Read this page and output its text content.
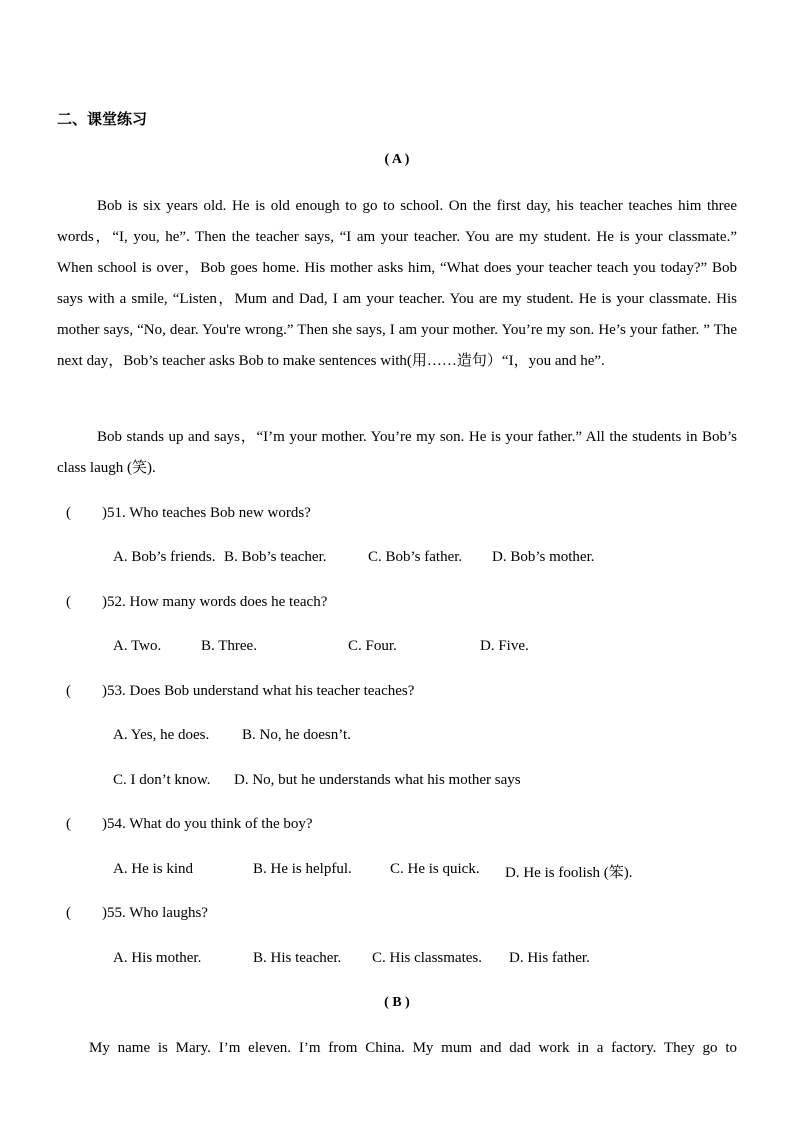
二、课堂练习
( A )

Bob is six years old. He is old enough to go to school. On the first day, his teacher teaches him three words，“I, you, he”. Then the teacher says, “I am your teacher. You are my student. He is your classmate.” When school is over，Bob goes home. His mother asks him, “What does your teacher teach you today?” Bob says with a smile, “Listen，Mum and Dad, I am your teacher. You are my student. He is your classmate. His mother says, “No, dear. You're wrong.” Then she says, I am your mother. You’re my son. He’s your father. ” The next day，Bob’s teacher asks Bob to make sentences with(用……造句）“I，you and he”.

Bob stands up and says，“I’m your mother. You’re my son. He is your father.” All the students in Bob’s class laugh (笑).

( )51. Who teaches Bob new words?
A. Bob’s friends. B. Bob’s teacher.	C. Bob’s father. D. Bob’s mother.
( )52. How many words does he teach?
A. Two.	B. Three.	C. Four.	D. Five.
( )53. Does Bob understand what his teacher teaches?
A. Yes, he does. B. No, he doesn’t.
C. I don’t know. D. No, but he understands what his mother says
( )54. What do you think of the boy?
A. He is kind	B. He is helpful.	C. He is quick. D. He is foolish (笨).
( )55. Who laughs?
A. His mother.	B. His teacher. C. His classmates. D. His father.
( B )

My name is Mary. I’m eleven. I’m from China. My mum and dad work in a factory. They go to
